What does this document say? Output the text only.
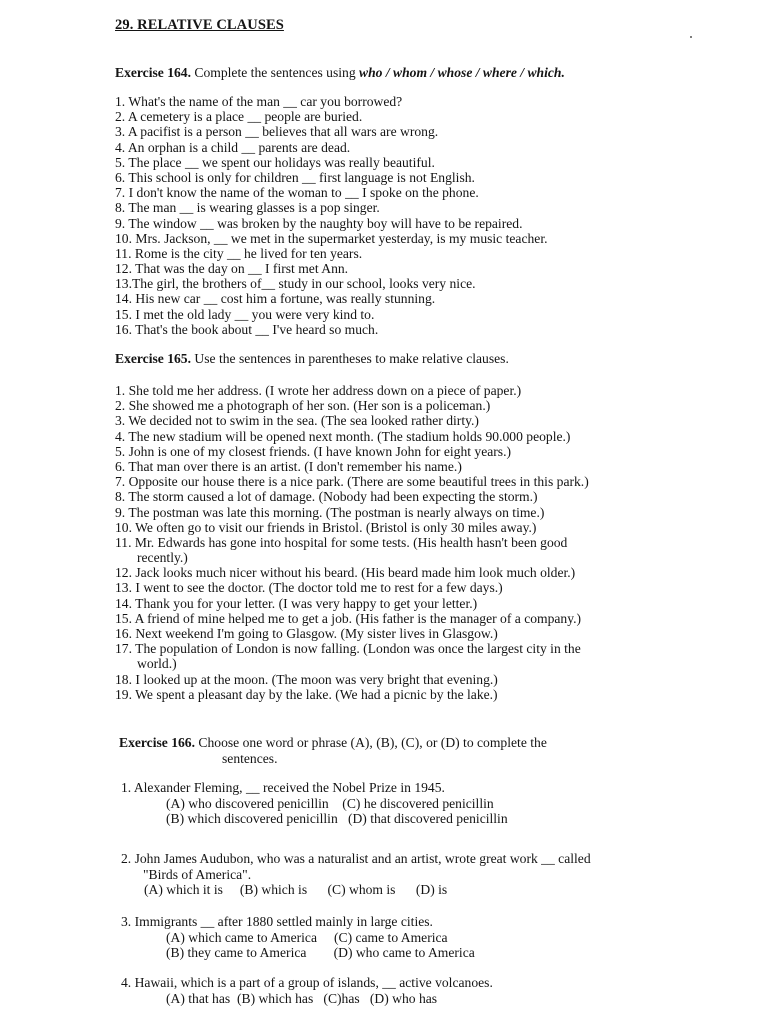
29. RELATIVE CLAUSES
Exercise 164. Complete the sentences using who / whom / whose / where / which.
1. What's the name of the man __ car you borrowed?
2. A cemetery is a place __ people are buried.
3. A pacifist is a person __ believes that all wars are wrong.
4. An orphan is a child __ parents are dead.
5. The place __ we spent our holidays was really beautiful.
6. This school is only for children __ first language is not English.
7. I don't know the name of the woman to __ I spoke on the phone.
8. The man __ is wearing glasses is a pop singer.
9. The window __ was broken by the naughty boy will have to be repaired.
10. Mrs. Jackson, __ we met in the supermarket yesterday, is my music teacher.
11. Rome is the city __ he lived for ten years.
12. That was the day on __ I first met Ann.
13.The girl, the brothers of__ study in our school, looks very nice.
14. His new car __ cost him a fortune, was really stunning.
15. I met the old lady __ you were very kind to.
16. That's the book about __ I've heard so much.
Exercise 165. Use the sentences in parentheses to make relative clauses.
1. She told me her address. (I wrote her address down on a piece of paper.)
2. She showed me a photograph of her son. (Her son is a policeman.)
3. We decided not to swim in the sea. (The sea looked rather dirty.)
4. The new stadium will be opened next month. (The stadium holds 90.000 people.)
5. John is one of my closest friends. (I have known John for eight years.)
6. That man over there is an artist. (I don't remember his name.)
7. Opposite our house there is a nice park. (There are some beautiful trees in this park.)
8. The storm caused a lot of damage. (Nobody had been expecting the storm.)
9. The postman was late this morning. (The postman is nearly always on time.)
10. We often go to visit our friends in Bristol. (Bristol is only 30 miles away.)
11. Mr. Edwards has gone into hospital for some tests. (His health hasn't been good
recently.)
12. Jack looks much nicer without his beard. (His beard made him look much older.)
13. I went to see the doctor. (The doctor told me to rest for a few days.)
14. Thank you for your letter. (I was very happy to get your letter.)
15. A friend of mine helped me to get a job. (His father is the manager of a company.)
16. Next weekend I'm going to Glasgow. (My sister lives in Glasgow.)
17. The population of London is now falling. (London was once the largest city in the
world.)
18. I looked up at the moon. (The moon was very bright that evening.)
19. We spent a pleasant day by the lake. (We had a picnic by the lake.)
Exercise 166. Choose one word or phrase (A), (B), (C), or (D) to complete the
sentences.
1. Alexander Fleming, __ received the Nobel Prize in 1945.
(A) who discovered penicillin    (C) he discovered penicillin
(B) which discovered penicillin   (D) that discovered penicillin
2. John James Audubon, who was a naturalist and an artist, wrote great work __ called
"Birds of America".
(A) which it is     (B) which is      (C) whom is      (D) is
3. Immigrants __ after 1880 settled mainly in large cities.
(A) which came to America     (C) came to America
(B) they came to America        (D) who came to America
4. Hawaii, which is a part of a group of islands, __ active volcanoes.
(A) that has  (B) which has   (C)has   (D) who has
